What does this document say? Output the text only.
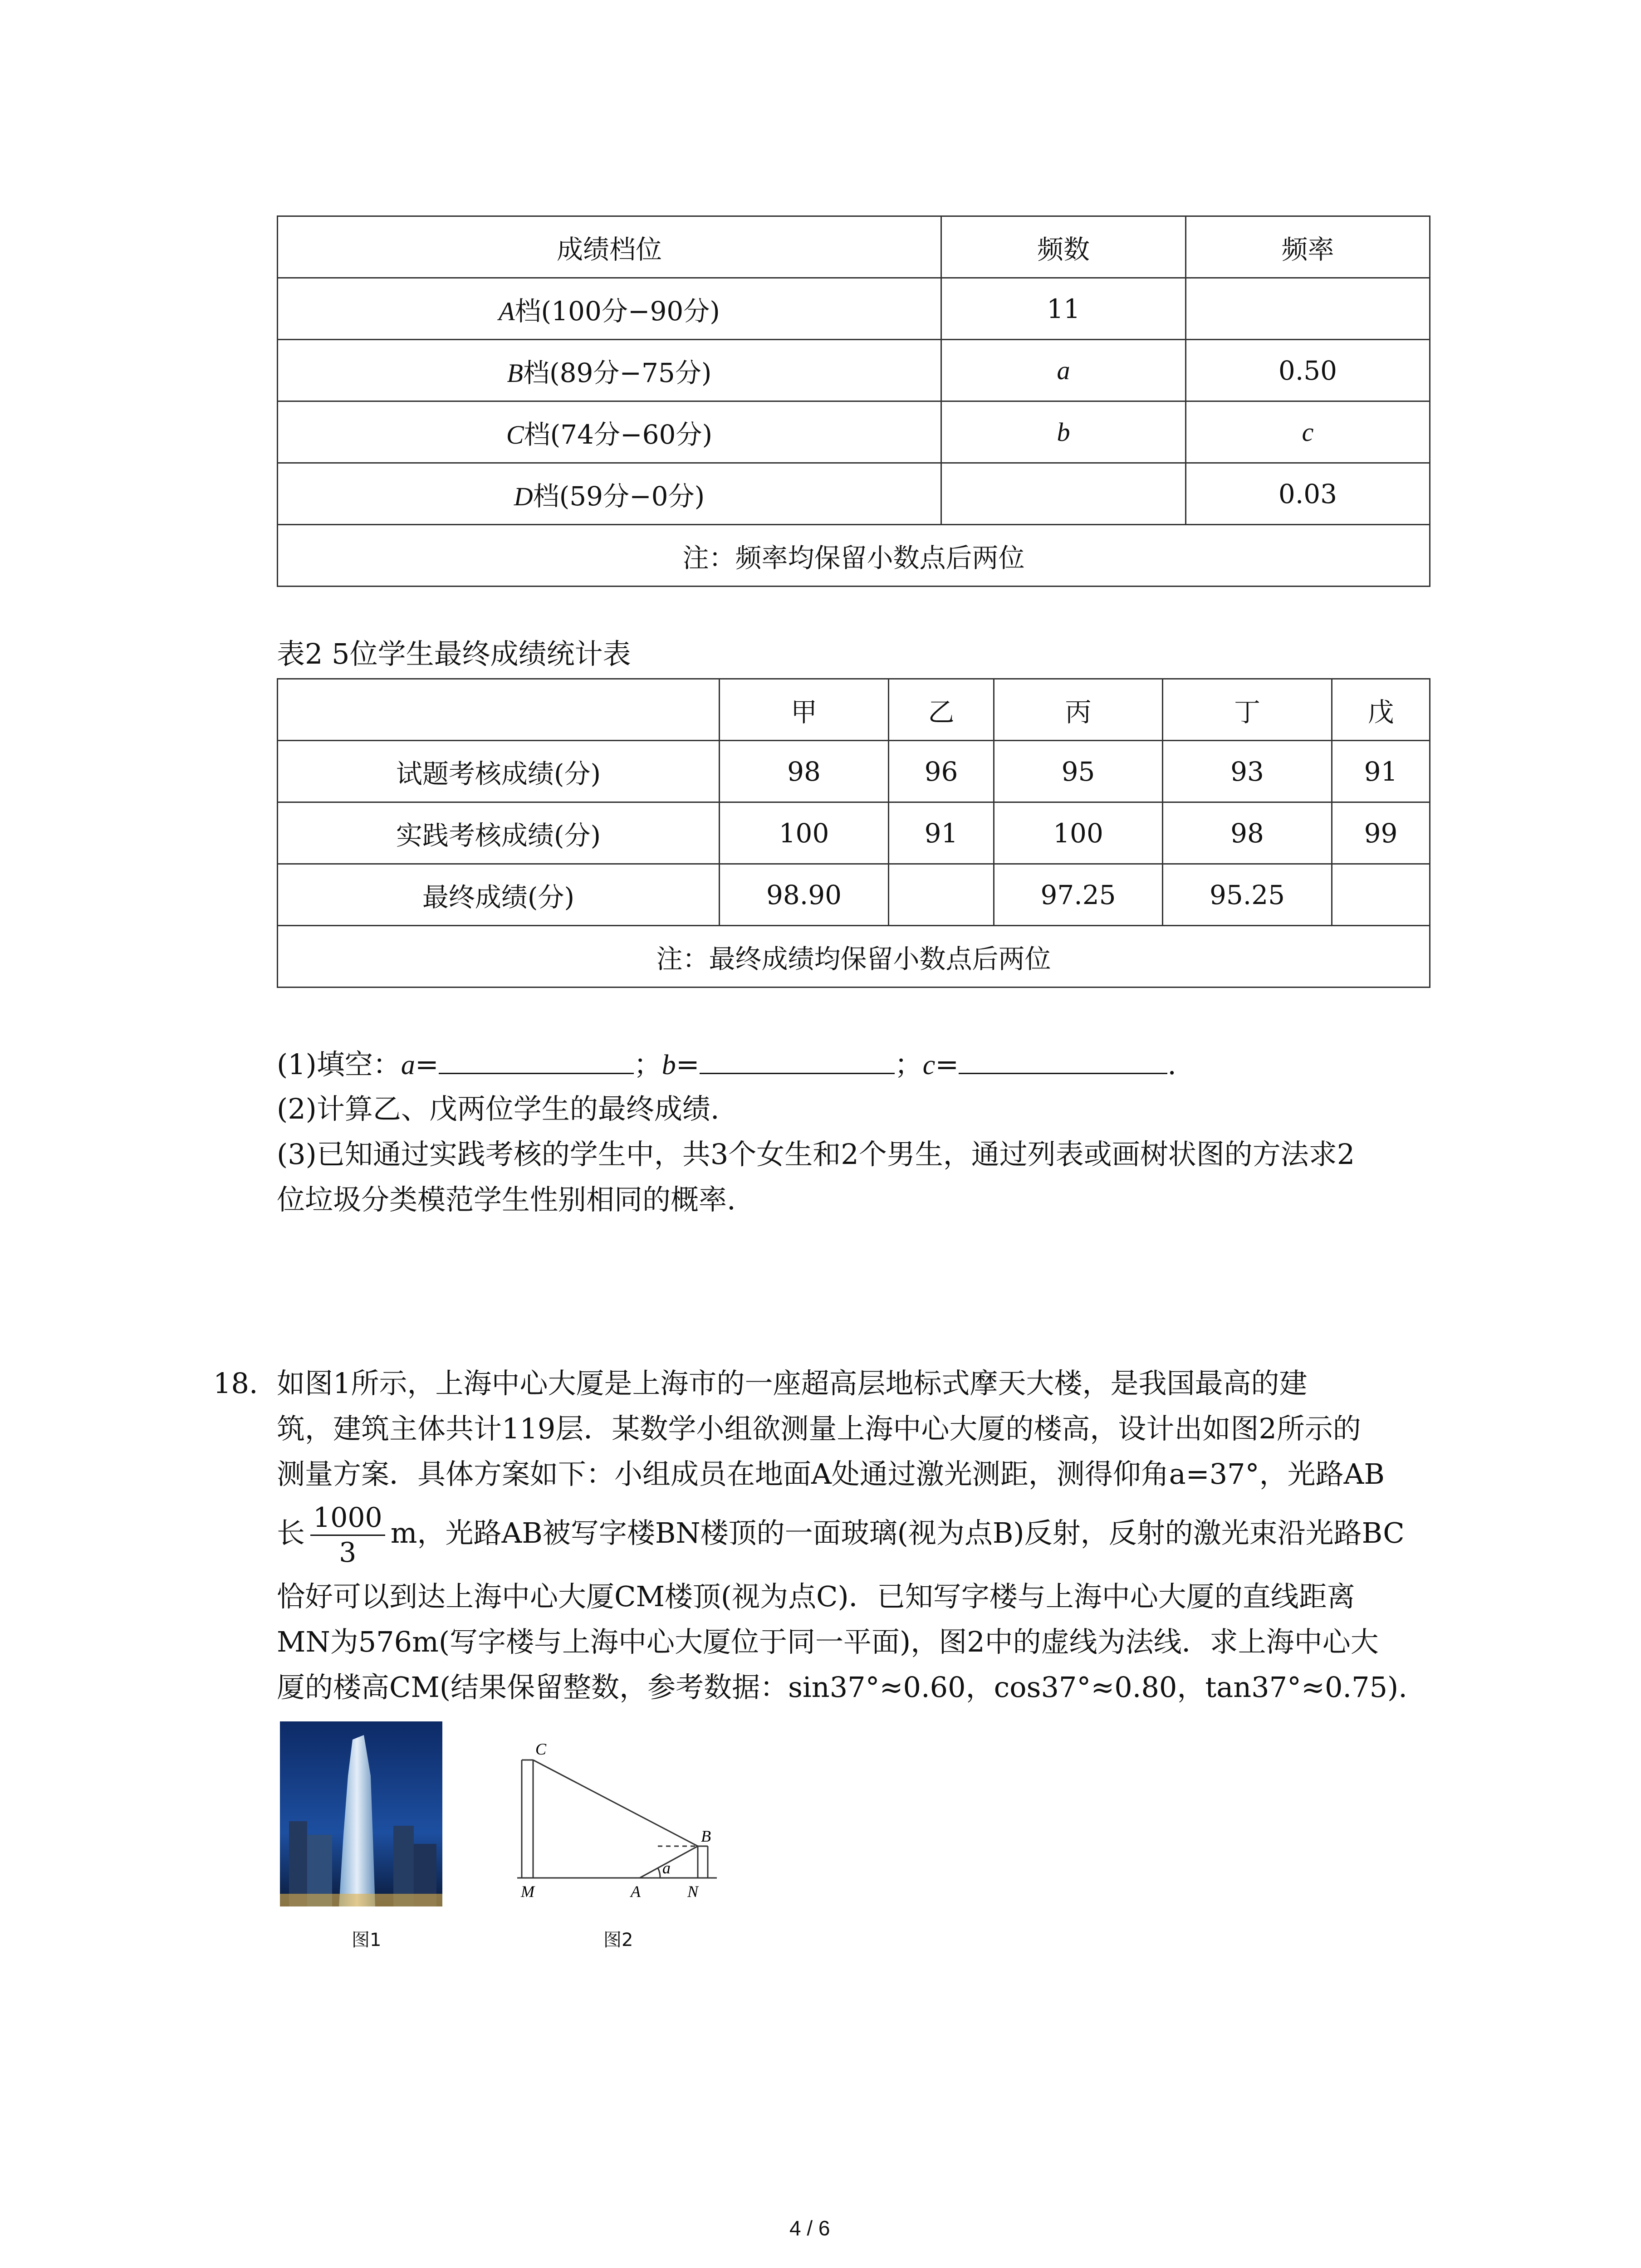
成绩档位	频数	频率
A档(100分−90分)	11	
B档(89分−75分)	a	0.50
C档(74分−60分)	b	c
D档(59分−0分)		0.03
注：频率均保留小数点后两位		
表2 5位学生最终成绩统计表
	甲	乙	丙	丁	戊
试题考核成绩(分)	98	96	95	93	91
实践考核成绩(分)	100	91	100	98	99
最终成绩(分)	98.90		97.25	95.25	
注：最终成绩均保留小数点后两位					
(1)填空：a=	；b=	；c=	.
(2)计算乙、戊两位学生的最终成绩.
(3)已知通过实践考核的学生中，共3个女生和2个男生，通过列表或画树状图的方法求2
位垃圾分类模范学生性别相同的概率.
18. 如图1所示，上海中心大厦是上海市的一座超高层地标式摩天大楼，是我国最高的建
筑，建筑主体共计119层．某数学小组欲测量上海中心大厦的楼高，设计出如图2所示的
测量方案．具体方案如下：小组成员在地面A处通过激光测距，测得仰角a=37°，光路AB
长 $\frac{1000}{3}$ m，光路AB被写字楼BN楼顶的一面玻璃(视为点B)反射，反射的激光束沿光路BC
恰好可以到达上海中心大厦CM楼顶(视为点C)．已知写字楼与上海中心大厦的直线距离
MN为576m(写字楼与上海中心大厦位于同一平面)，图2中的虚线为法线．求上海中心大
厦的楼高CM(结果保留整数，参考数据：sin37°≈0.60，cos37°≈0.80，tan37°≈0.75).
图1
C
B
M	A	N
a
图2
4 / 6
